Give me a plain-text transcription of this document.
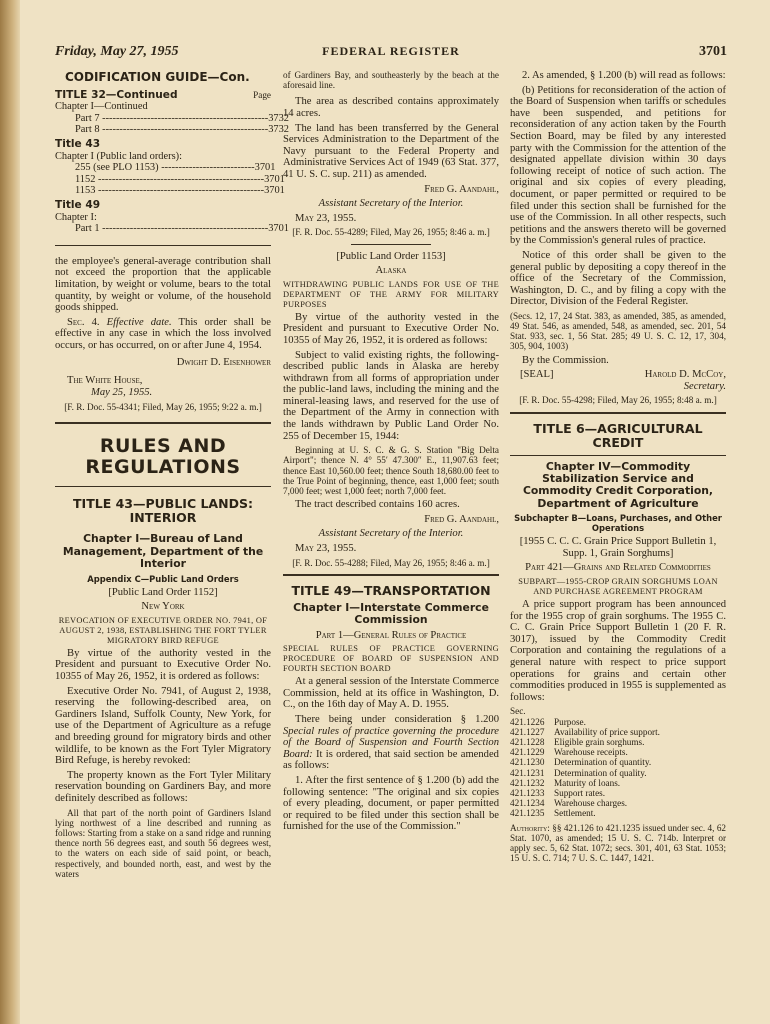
Friday, May 27, 1955	FEDERAL REGISTER	3701
CODIFICATION GUIDE—Con.
TITLE 32—Continued	Page
Chapter I—Continued
Part 7 ------------------------------------------------ 3732
Part 8 ------------------------------------------------ 3732
Title 43
Chapter I (Public land orders):
255 (see PLO 1153) --------------------------- 3701
1152 ------------------------------------------------ 3701
1153 ------------------------------------------------ 3701
Title 49
Chapter I:
Part 1 ------------------------------------------------ 3701

the employee's general-average contribution shall not exceed the proportion that the applicable limitation, by weight or volume, bears to the total quantity, by weight or volume, of the household goods shipped.

Sec. 4. Effective date. This order shall be effective in any case in which the loss involved occurs, or has occurred, on or after June 4, 1954.

Dwight D. Eisenhower

The White House,

May 25, 1955.

[F. R. Doc. 55-4341; Filed, May 26, 1955; 9:22 a. m.]

RULES AND REGULATIONS
TITLE 43—PUBLIC LANDS: INTERIOR
Chapter I—Bureau of Land Management, Department of the Interior
Appendix C—Public Land Orders

[Public Land Order 1152]

New York

REVOCATION OF EXECUTIVE ORDER NO. 7941, OF AUGUST 2, 1938, ESTABLISHING THE FORT TYLER MIGRATORY BIRD REFUGE

By virtue of the authority vested in the President and pursuant to Executive Order No. 10355 of May 26, 1952, it is ordered as follows:

Executive Order No. 7941, of August 2, 1938, reserving the following-described area, on Gardiners Island, Suffolk County, New York, for use of the Department of Agriculture as a refuge and breeding ground for migratory birds and other wildlife, to be known as the Fort Tyler Migratory Bird Refuge, is hereby revoked:

The property known as the Fort Tyler Military reservation bounding on Gardiners Bay, and more definitely described as follows:

All that part of the north point of Gardiners Island lying northwest of a line described and running as follows: Starting from a stake on a sand ridge and running thence north 56 degrees east, and south 56 degrees west, to the waters on each side of said point, or beach, respectively, and bounded north, east, and west by the waters

of Gardiners Bay, and southeasterly by the beach at the aforesaid line.

The area as described contains approximately 14 acres.

The land has been transferred by the General Services Administration to the Department of the Navy pursuant to the Federal Property and Administrative Services Act of 1949 (63 Stat. 377, 41 U. S. C. sup. 211) as amended.

Fred G. Aandahl,

Assistant Secretary of the Interior.

May 23, 1955.

[F. R. Doc. 55-4289; Filed, May 26, 1955; 8:46 a. m.]

[Public Land Order 1153]

Alaska

WITHDRAWING PUBLIC LANDS FOR USE OF THE DEPARTMENT OF THE ARMY FOR MILITARY PURPOSES

By virtue of the authority vested in the President and pursuant to Executive Order No. 10355 of May 26, 1952, it is ordered as follows:

Subject to valid existing rights, the following-described public lands in Alaska are hereby withdrawn from all forms of appropriation under the public-land laws, including the mining and the mineral-leasing laws, and reserved for the use of the Department of the Army in connection with the lands withdrawn by Public Land Order No. 255 of December 15, 1944:

Beginning at U. S. C. & G. S. Station "Big Delta Airport"; thence N. 4° 55′ 47.300″ E., 11,907.63 feet; thence East 10,560.00 feet; thence South 18,680.00 feet to the True Point of beginning, thence, east 1,000 feet; south 7,000 feet; west 1,000 feet; north 7,000 feet.

The tract described contains 160 acres.

Fred G. Aandahl,

Assistant Secretary of the Interior.

May 23, 1955.

[F. R. Doc. 55-4288; Filed, May 26, 1955; 8:46 a. m.]

TITLE 49—TRANSPORTATION
Chapter I—Interstate Commerce Commission

Part 1—General Rules of Practice

SPECIAL RULES OF PRACTICE GOVERNING PROCEDURE OF BOARD OF SUSPENSION AND FOURTH SECTION BOARD

At a general session of the Interstate Commerce Commission, held at its office in Washington, D. C., on the 16th day of May A. D. 1955.

There being under consideration § 1.200 Special rules of practice governing the procedure of the Board of Suspension and Fourth Section Board: It is ordered, that said section be amended as follows:

1. After the first sentence of § 1.200 (b) add the following sentence: "The original and six copies of every pleading, document, or paper permitted or required to be filed under this section shall be furnished for the use of the Commission."

2. As amended, § 1.200 (b) will read as follows:

(b) Petitions for reconsideration of the action of the Board of Suspension when tariffs or schedules have been suspended, and petitions for reconsideration of any action taken by the Fourth Section Board, may be filed by any interested party with the Commission for the attention of the designated appellate division within 30 days following receipt of notice of such action. The original and six copies of every pleading, document, or paper permitted or required to be filed under this section shall be furnished for the use of the Commission. In all other respects, such petitions and the answers thereto will be governed by the Commission's general rules of practice.

Notice of this order shall be given to the general public by depositing a copy thereof in the office of the Secretary of the Commission, Washington, D. C., and by filing a copy with the Director, Division of the Federal Register.

(Secs. 12, 17, 24 Stat. 383, as amended, 385, as amended, 49 Stat. 546, as amended, 548, as amended, sec. 201, 54 Stat. 933, sec. 1, 56 Stat. 285; 49 U. S. C. 12, 17, 304, 305, 904, 1003)

By the Commission.

[SEAL]	Harold D. McCoy,

Secretary.

[F. R. Doc. 55-4298; Filed, May 26, 1955; 8:48 a. m.]

TITLE 6—AGRICULTURAL CREDIT
Chapter IV—Commodity Stabilization Service and Commodity Credit Corporation, Department of Agriculture
Subchapter B—Loans, Purchases, and Other Operations

[1955 C. C. C. Grain Price Support Bulletin 1, Supp. 1, Grain Sorghums]

Part 421—Grains and Related Commodities

SUBPART—1955-CROP GRAIN SORGHUMS LOAN AND PURCHASE AGREEMENT PROGRAM

A price support program has been announced for the 1955 crop of grain sorghums. The 1955 C. C. C. Grain Price Support Bulletin 1 (20 F. R. 3017), issued by the Commodity Credit Corporation and containing the regulations of a general nature with respect to price support operations for grains and certain other commodities produced in 1955 is supplemented as follows:

Sec.
421.1226	Purpose.
421.1227	Availability of price support.
421.1228	Eligible grain sorghums.
421.1229	Warehouse receipts.
421.1230	Determination of quantity.
421.1231	Determination of quality.
421.1232	Maturity of loans.
421.1233	Support rates.
421.1234	Warehouse charges.
421.1235	Settlement.

Authority: §§ 421.126 to 421.1235 issued under sec. 4, 62 Stat. 1070, as amended; 15 U. S. C. 714b. Interpret or apply sec. 5, 62 Stat. 1072; secs. 301, 401, 63 Stat. 1053; 15 U. S. C. 714; 7 U. S. C. 1447, 1421.
